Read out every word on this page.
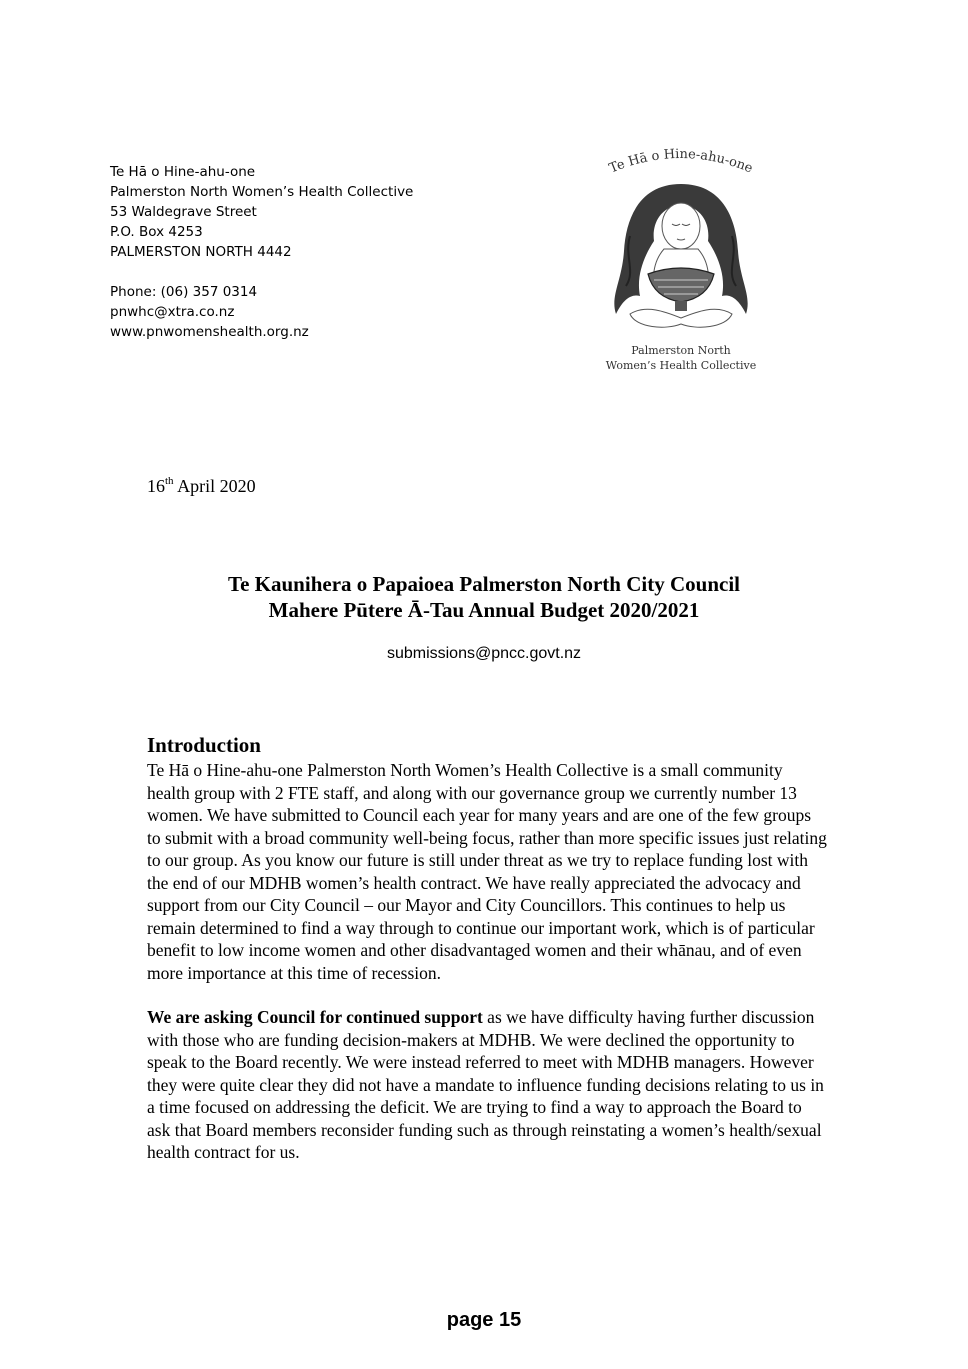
Te Hā o Hine-ahu-one
Palmerston North Women’s Health Collective
53 Waldegrave Street
P.O. Box 4253
PALMERSTON NORTH 4442
Phone: (06) 357 0314
pnwhc@xtra.co.nz
www.pnwomenshealth.org.nz
Te Hā o Hine-ahu-one
Palmerston North
Women’s Health Collective
16th April 2020
Te Kaunihera o Papaioea Palmerston North City Council
Mahere Pūtere Ā-Tau Annual Budget 2020/2021
submissions@pncc.govt.nz
Introduction

Te Hā o Hine-ahu-one Palmerston North Women’s Health Collective is a small community health group with 2 FTE staff, and along with our governance group we currently number 13 women. We have submitted to Council each year for many years and are one of the few groups to submit with a broad community well-being focus, rather than more specific issues just relating to our group. As you know our future is still under threat as we try to replace funding lost with the end of our MDHB women’s health contract. We have really appreciated the advocacy and support from our City Council – our Mayor and City Councillors. This continues to help us remain determined to find a way through to continue our important work, which is of particular benefit to low income women and other disadvantaged women and their whānau, and of even more importance at this time of recession.

We are asking Council for continued support as we have difficulty having further discussion with those who are funding decision-makers at MDHB. We were declined the opportunity to speak to the Board recently. We were instead referred to meet with MDHB managers. However they were quite clear they did not have a mandate to influence funding decisions relating to us in a time focused on addressing the deficit. We are trying to find a way to approach the Board to ask that Board members reconsider funding such as through reinstating a women’s health/sexual health contract for us.

page 15
